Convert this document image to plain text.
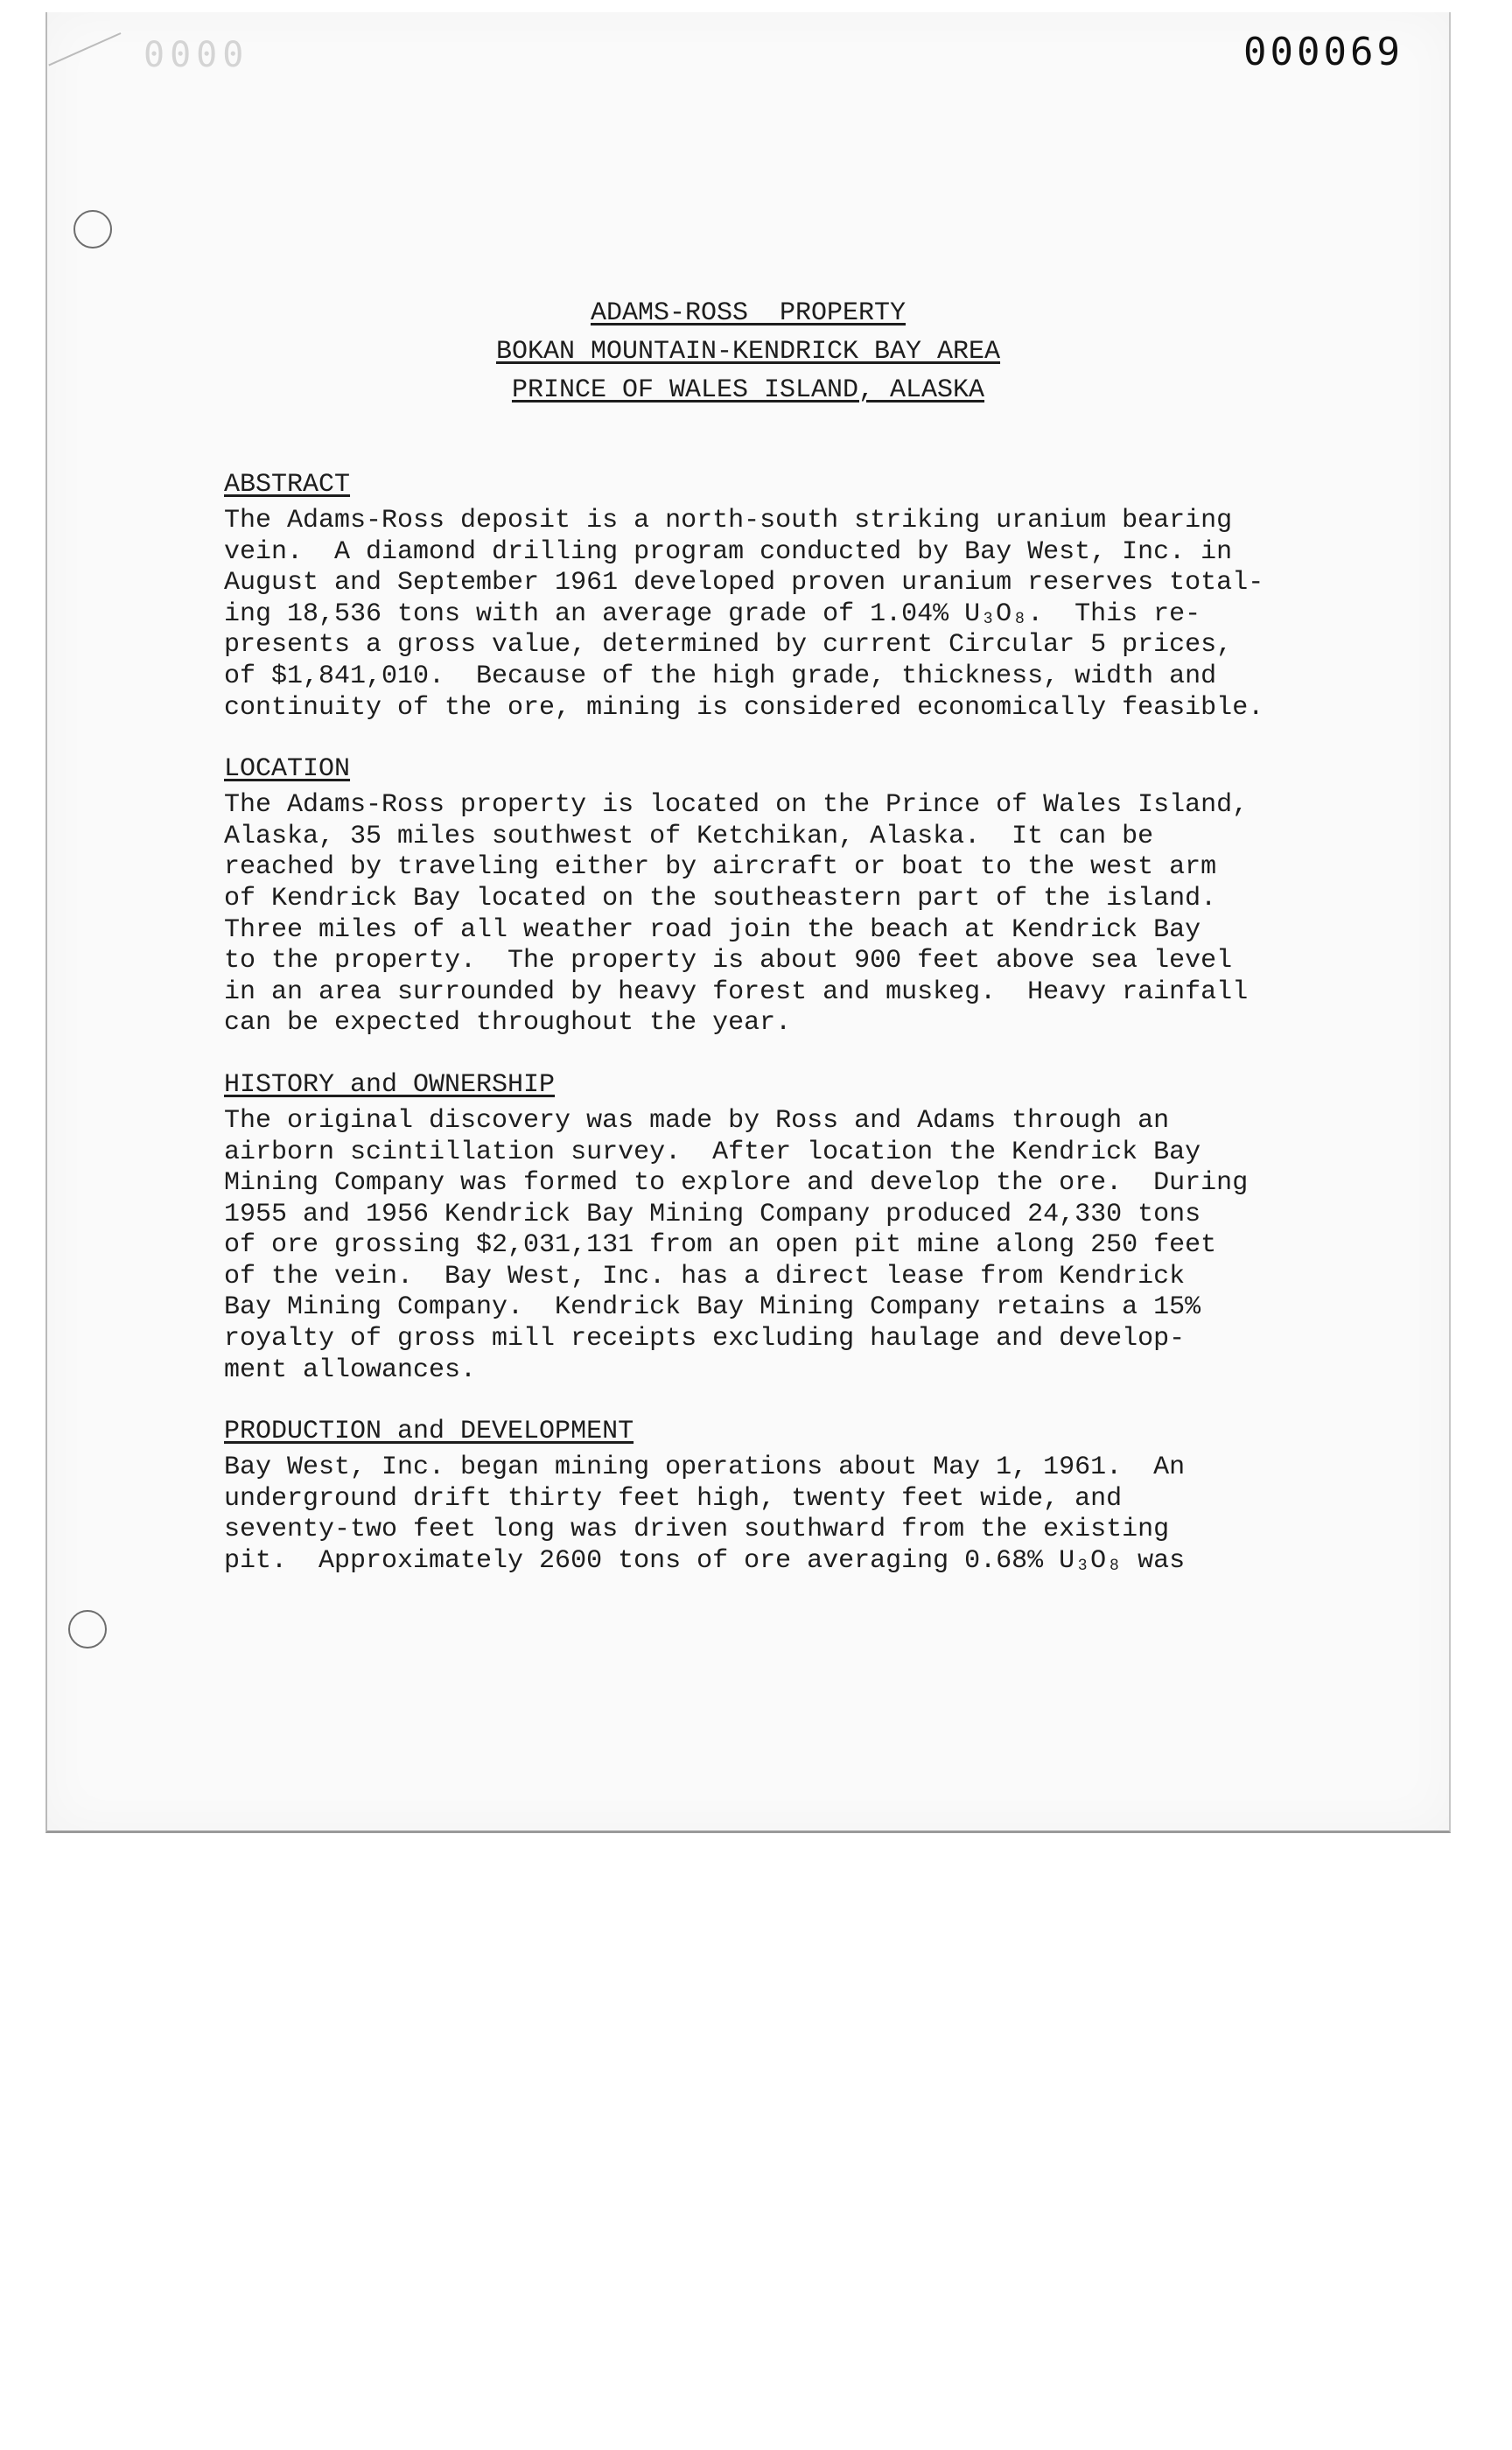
0000	000069
ADAMS-ROSS  PROPERTY
BOKAN MOUNTAIN-KENDRICK BAY AREA
PRINCE OF WALES ISLAND, ALASKA
ABSTRACT

The Adams-Ross deposit is a north-south striking uranium bearing
vein.  A diamond drilling program conducted by Bay West, Inc. in
August and September 1961 developed proven uranium reserves total-
ing 18,536 tons with an average grade of 1.04% U₃O₈.  This re-
presents a gross value, determined by current Circular 5 prices,
of $1,841,010.  Because of the high grade, thickness, width and
continuity of the ore, mining is considered economically feasible.

LOCATION

The Adams-Ross property is located on the Prince of Wales Island,
Alaska, 35 miles southwest of Ketchikan, Alaska.  It can be
reached by traveling either by aircraft or boat to the west arm
of Kendrick Bay located on the southeastern part of the island.
Three miles of all weather road join the beach at Kendrick Bay
to the property.  The property is about 900 feet above sea level
in an area surrounded by heavy forest and muskeg.  Heavy rainfall
can be expected throughout the year.

HISTORY and OWNERSHIP

The original discovery was made by Ross and Adams through an
airborn scintillation survey.  After location the Kendrick Bay
Mining Company was formed to explore and develop the ore.  During
1955 and 1956 Kendrick Bay Mining Company produced 24,330 tons
of ore grossing $2,031,131 from an open pit mine along 250 feet
of the vein.  Bay West, Inc. has a direct lease from Kendrick
Bay Mining Company.  Kendrick Bay Mining Company retains a 15%
royalty of gross mill receipts excluding haulage and develop-
ment allowances.

PRODUCTION and DEVELOPMENT

Bay West, Inc. began mining operations about May 1, 1961.  An
underground drift thirty feet high, twenty feet wide, and
seventy-two feet long was driven southward from the existing
pit.  Approximately 2600 tons of ore averaging 0.68% U₃O₈ was
